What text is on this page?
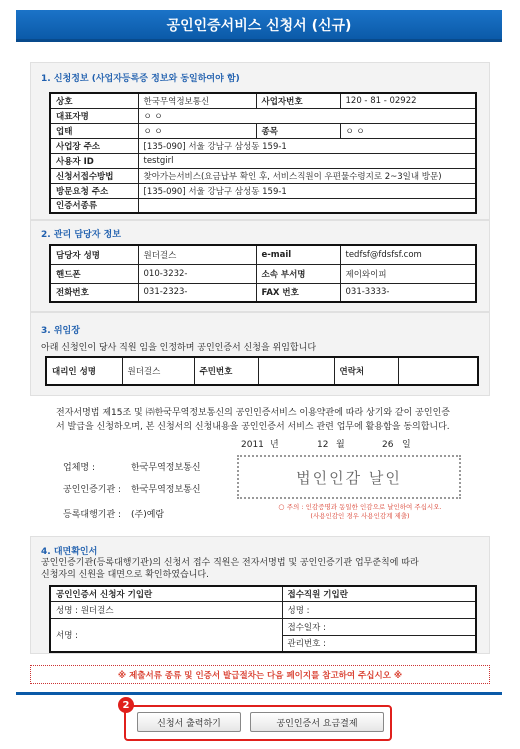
공인인증서비스 신청서 (신규)
1. 신청정보 (사업자등록증 정보와 동일하여야 함)
상호	한국무역정보통신	사업자번호	120 - 81 - 02922
대표자명	ㅇ ㅇ		
업태	ㅇ ㅇ	종목	ㅇ ㅇ
사업장 주소	[135-090] 서울 강남구 삼성동 159-1		
사용자 ID	testgirl		
신청서접수방법	찾아가는서비스(요금납부 확인 후, 서비스직원이 우편물수령지로 2~3일내 방문)		
방문요청 주소	[135-090] 서울 강남구 삼성동 159-1		
인증서종류			
2. 관리 담당자 정보
담당자 성명	원더걸스	e-mail	tedfsf@fdsfsf.com
핸드폰	010-3232-	소속 부서명	제이와이피
전화번호	031-2323-	FAX 번호	031-3333-
3. 위임장
아래 신청인이 당사 직원 임을 인정하며 공인인증서 신청을 위임합니다
대리인 성명	원더걸스	주민번호		연락처	
전자서명법 제15조 및 ㈜한국무역정보통신의 공인인증서비스 이용약관에 따라 상기와 같이 공인인증
서 발급을 신청하오며, 본 신청서의 신청내용을 공인인증서 서비스 관련 업무에 활용함을 동의합니다.
2011 년	12 월	26 일
업체명 :	한국무역정보통신
공인인증기관 : 한국무역정보통신
등록대행기관 : (주)예람
법인인감 날인
○ 주의 : 인감증명과 동일한 인감으로 날인하여 주십시오.
(사용인감인 경우 사용인감계 제출)
4. 대면확인서
공인인증기관(등록대행기관)의 신청서 접수 직원은 전자서명법 및 공인인증기관 업무준칙에 따라
신청자의 신원을 대면으로 확인하였습니다.
공인인증서 신청자 기입란	접수직원 기입란
성명 : 원더걸스	성명 :
서명 :	접수일자 :
	관리번호 :
※ 제출서류 종류 및 인증서 발급절차는 다음 페이지를 참고하여 주십시오 ※
2
신청서 출력하기	공인인증서 요금결제
